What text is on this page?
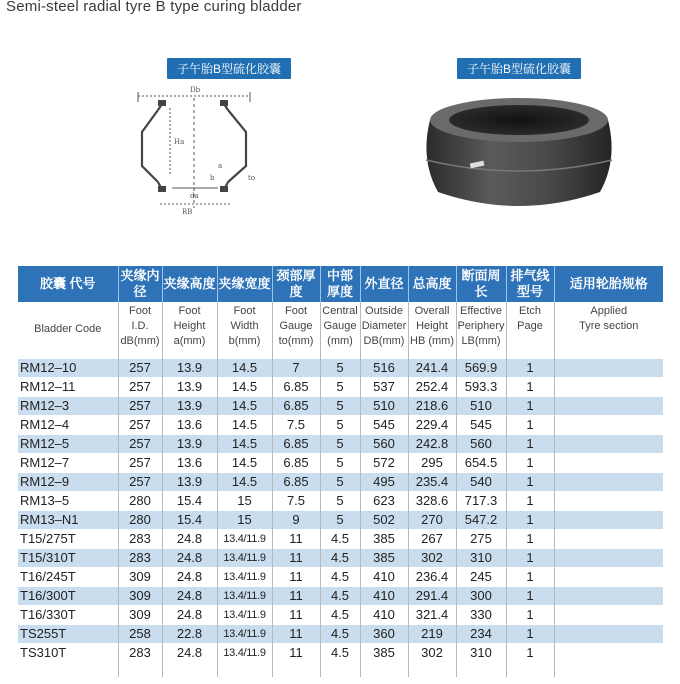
Semi-steel radial tyre B type curing bladder
子午胎B型硫化胶囊
Db
Ha
a
b
da
to
RB
子午胎B型硫化胶囊
胶囊 代号	夹缘内径	夹缘高度	夹缘宽度	颈部厚度	中部厚度	外直径	总高度	断面周长	排气线型号	适用轮胎规格
Bladder Code	Foot
I.D.
dB(mm)	Foot
Height
a(mm)	Foot
Width
b(mm)	Foot
Gauge
to(mm)	Central
Gauge
(mm)	Outside
Diameter
DB(mm)	Overall
Height
HB (mm)	Effective
Periphery
LB(mm)	Etch
Page	Applied
Tyre section
RM12–10	257	13.9	14.5	7	5	516	241.4	569.9	1	
RM12–11	257	13.9	14.5	6.85	5	537	252.4	593.3	1	
RM12–3	257	13.9	14.5	6.85	5	510	218.6	510	1	
RM12–4	257	13.6	14.5	7.5	5	545	229.4	545	1	
RM12–5	257	13.9	14.5	6.85	5	560	242.8	560	1	
RM12–7	257	13.6	14.5	6.85	5	572	295	654.5	1	
RM12–9	257	13.9	14.5	6.85	5	495	235.4	540	1	
RM13–5	280	15.4	15	7.5	5	623	328.6	717.3	1	
RM13–N1	280	15.4	15	9	5	502	270	547.2	1	
T15/275T	283	24.8	13.4/11.9	11	4.5	385	267	275	1	
T15/310T	283	24.8	13.4/11.9	11	4.5	385	302	310	1	
T16/245T	309	24.8	13.4/11.9	11	4.5	410	236.4	245	1	
T16/300T	309	24.8	13.4/11.9	11	4.5	410	291.4	300	1	
T16/330T	309	24.8	13.4/11.9	11	4.5	410	321.4	330	1	
TS255T	258	22.8	13.4/11.9	11	4.5	360	219	234	1	
TS310T	283	24.8	13.4/11.9	11	4.5	385	302	310	1	
